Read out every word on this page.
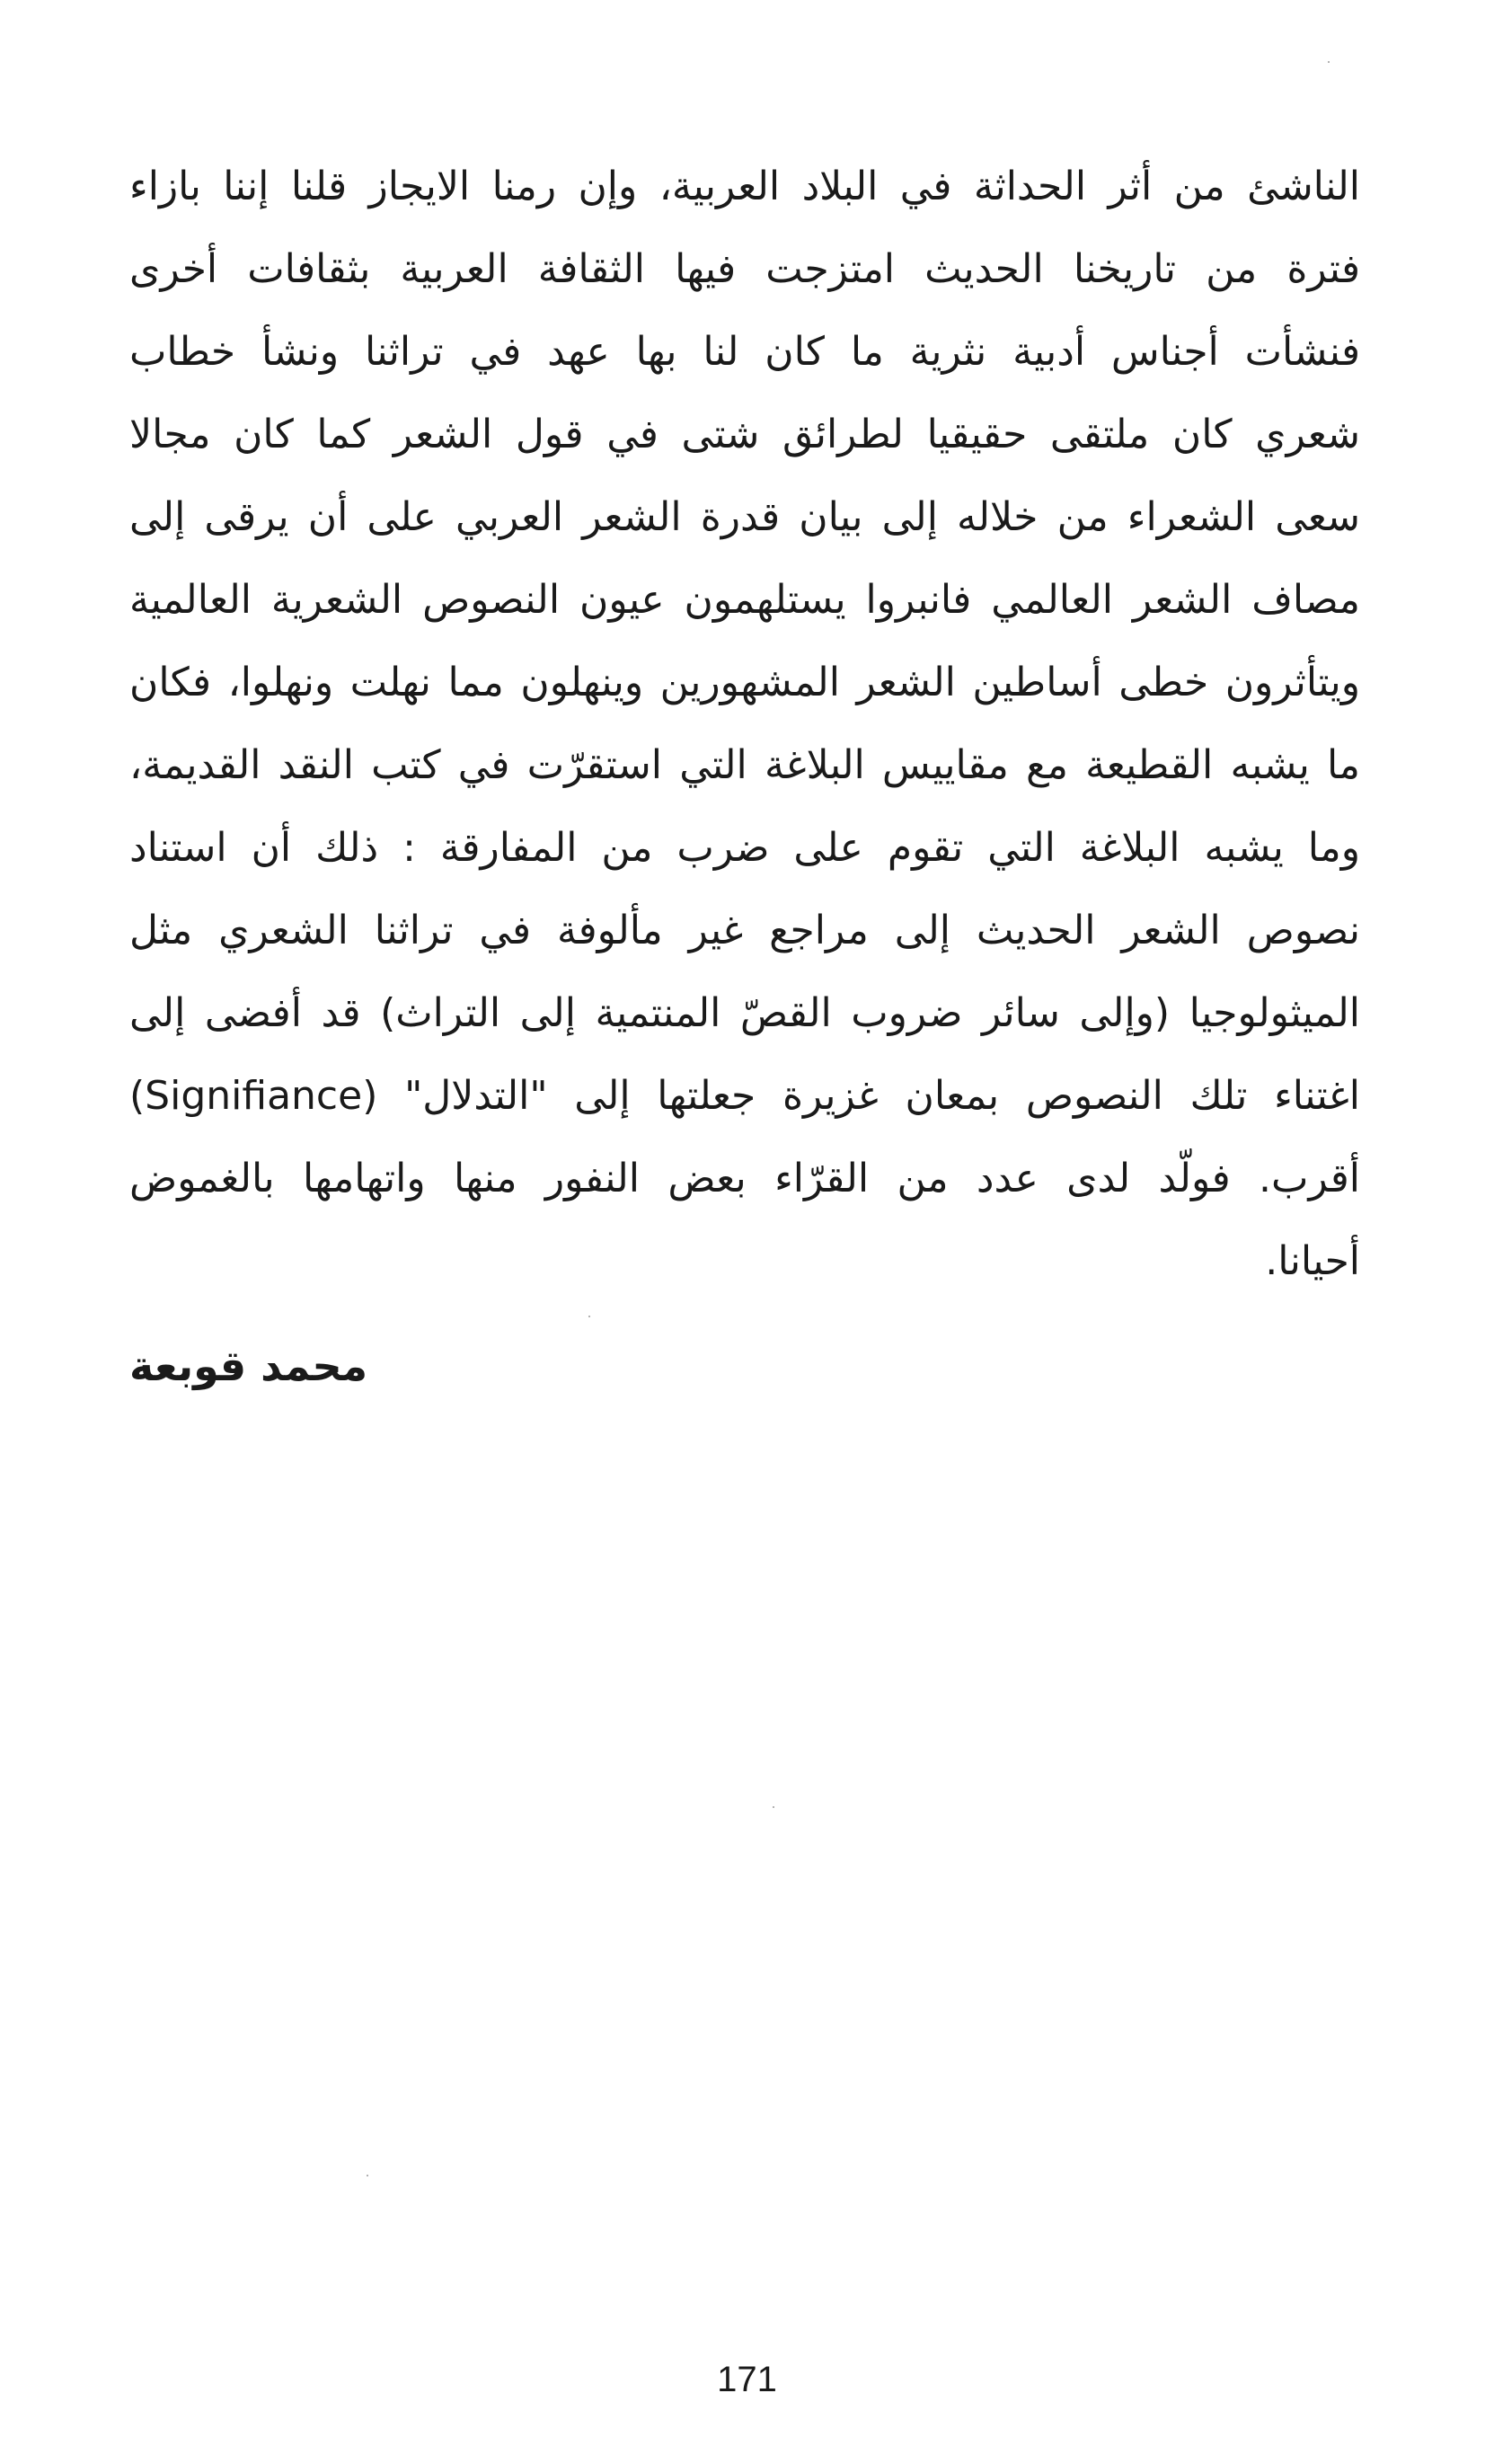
الناشئ من أثر الحداثة في البلاد العربية، وإن رمنا الايجاز قلنا إننا بازاء
فترة من تاريخنا الحديث امتزجت فيها الثقافة العربية بثقافات أخرى
فنشأت أجناس أدبية نثرية ما كان لنا بها عهد في تراثنا ونشأ خطاب
شعري كان ملتقى حقيقيا لطرائق شتى في قول الشعر كما كان مجالا
سعى الشعراء من خلاله إلى بيان قدرة الشعر العربي على أن يرقى إلى
مصاف الشعر العالمي فانبروا يستلهمون عيون النصوص الشعرية العالمية
ويتأثرون خطى أساطين الشعر المشهورين وينهلون مما نهلت ونهلوا، فكان
ما يشبه القطيعة مع مقاييس البلاغة التي استقرّت في كتب النقد القديمة،
وما يشبه البلاغة التي تقوم على ضرب من المفارقة : ذلك أن استناد
نصوص الشعر الحديث إلى مراجع غير مألوفة في تراثنا الشعري مثل
الميثولوجيا (وإلى سائر ضروب القصّ المنتمية إلى التراث) قد أفضى إلى
اغتناء تلك النصوص بمعان غزيرة جعلتها إلى "التدلال" (Signifiance)
أقرب. فولّد لدى عدد من القرّاء بعض النفور منها واتهامها بالغموض
أحيانا.
محمد قوبعة
171
